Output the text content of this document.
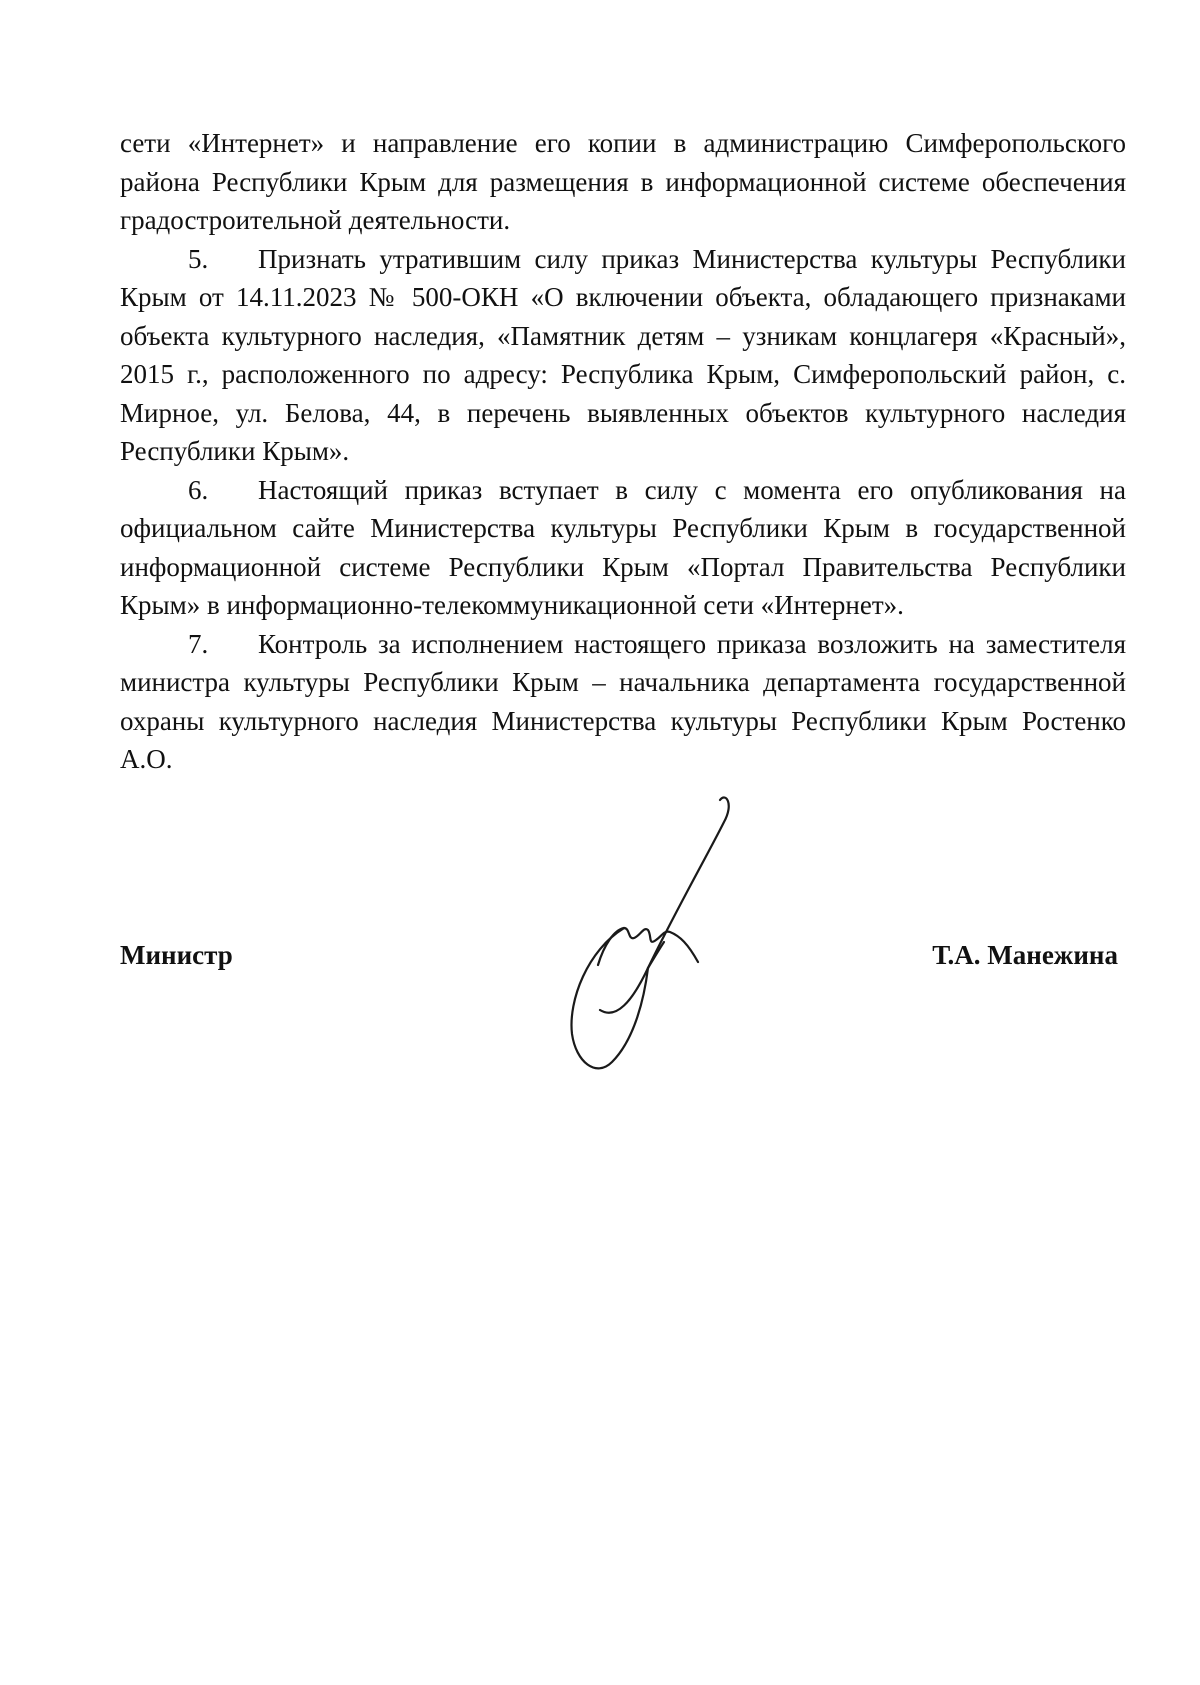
сети «Интернет» и направление его копии в администрацию Симферопольского района Республики Крым для размещения в информационной системе обеспечения градостроительной деятельности.

5. Признать утратившим силу приказ Министерства культуры Республики Крым от 14.11.2023 № 500-ОКН «О включении объекта, обладающего признаками объекта культурного наследия, «Памятник детям – узникам концлагеря «Красный», 2015 г., расположенного по адресу: Республика Крым, Симферопольский район, с. Мирное, ул. Белова, 44, в перечень выявленных объектов культурного наследия Республики Крым».

6. Настоящий приказ вступает в силу с момента его опубликования на официальном сайте Министерства культуры Республики Крым в государственной информационной системе Республики Крым «Портал Правительства Республики Крым» в информационно-телекоммуникационной сети «Интернет».

7. Контроль за исполнением настоящего приказа возложить на заместителя министра культуры Республики Крым – начальника департамента государственной охраны культурного наследия Министерства культуры Республики Крым Ростенко А.О.

Министр	Т.А. Манежина
